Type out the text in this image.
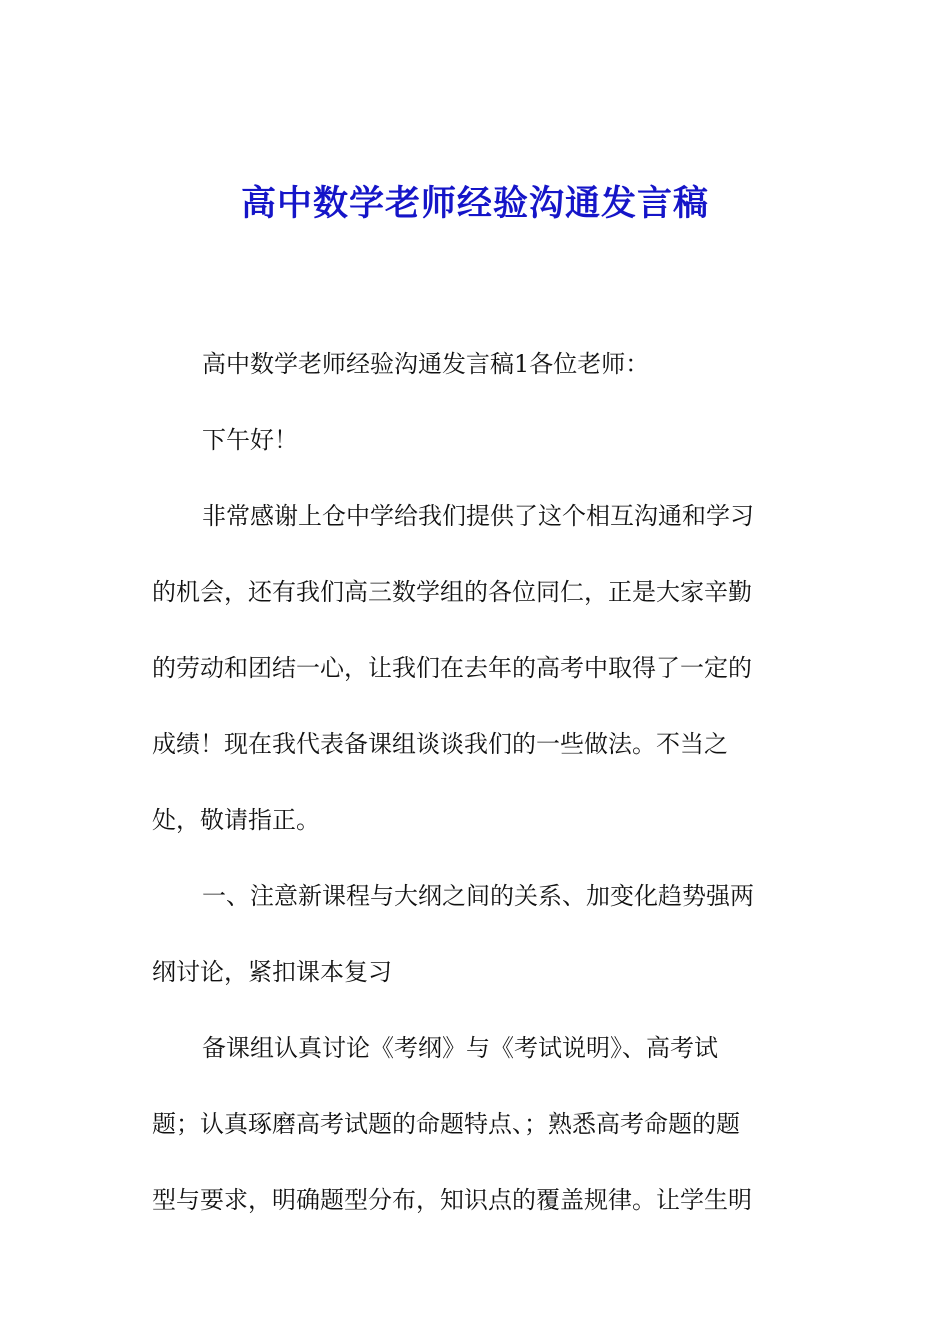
高中数学老师经验沟通发言稿

高中数学老师经验沟通发言稿1各位老师：

下午好！

非常感谢上仓中学给我们提供了这个相互沟通和学习

的机会，还有我们高三数学组的各位同仁，正是大家辛勤

的劳动和团结一心，让我们在去年的高考中取得了一定的

成绩！现在我代表备课组谈谈我们的一些做法。不当之

处，敬请指正。

一、注意新课程与大纲之间的关系、加变化趋势强两

纲讨论，紧扣课本复习

备课组认真讨论《考纲》与《考试说明》、高考试

题；认真琢磨高考试题的命题特点、；熟悉高考命题的题

型与要求，明确题型分布，知识点的覆盖规律。让学生明
